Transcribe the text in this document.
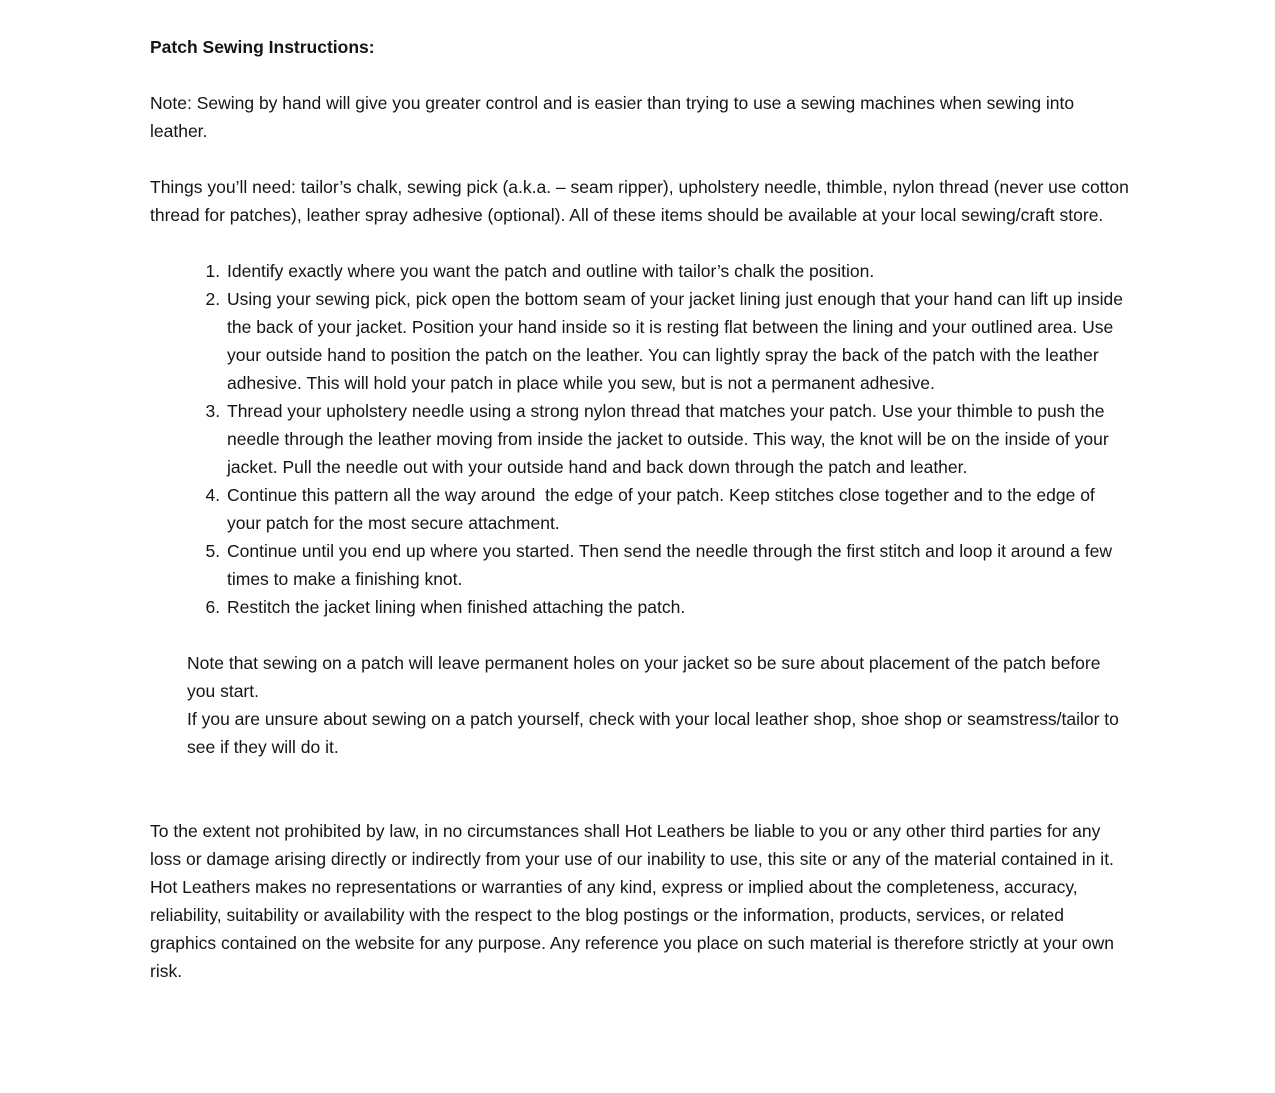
Patch Sewing Instructions:

Note: Sewing by hand will give you greater control and is easier than trying to use a sewing machines when sewing into leather.

Things you’ll need: tailor’s chalk, sewing pick (a.k.a. – seam ripper), upholstery needle, thimble, nylon thread (never use cotton thread for patches), leather spray adhesive (optional). All of these items should be available at your local sewing/craft store.

1. Identify exactly where you want the patch and outline with tailor’s chalk the position.
2. Using your sewing pick, pick open the bottom seam of your jacket lining just enough that your hand can lift up inside the back of your jacket. Position your hand inside so it is resting flat between the lining and your outlined area. Use your outside hand to position the patch on the leather. You can lightly spray the back of the patch with the leather adhesive. This will hold your patch in place while you sew, but is not a permanent adhesive.
3. Thread your upholstery needle using a strong nylon thread that matches your patch. Use your thimble to push the needle through the leather moving from inside the jacket to outside. This way, the knot will be on the inside of your jacket. Pull the needle out with your outside hand and back down through the patch and leather.
4. Continue this pattern all the way around  the edge of your patch. Keep stitches close together and to the edge of your patch for the most secure attachment.
5. Continue until you end up where you started. Then send the needle through the first stitch and loop it around a few times to make a finishing knot.
6. Restitch the jacket lining when finished attaching the patch.

Note that sewing on a patch will leave permanent holes on your jacket so be sure about placement of the patch before you start.

If you are unsure about sewing on a patch yourself, check with your local leather shop, shoe shop or seamstress/tailor to see if they will do it.

To the extent not prohibited by law, in no circumstances shall Hot Leathers be liable to you or any other third parties for any loss or damage arising directly or indirectly from your use of our inability to use, this site or any of the material contained in it. Hot Leathers makes no representations or warranties of any kind, express or implied about the completeness, accuracy, reliability, suitability or availability with the respect to the blog postings or the information, products, services, or related graphics contained on the website for any purpose. Any reference you place on such material is therefore strictly at your own risk.
